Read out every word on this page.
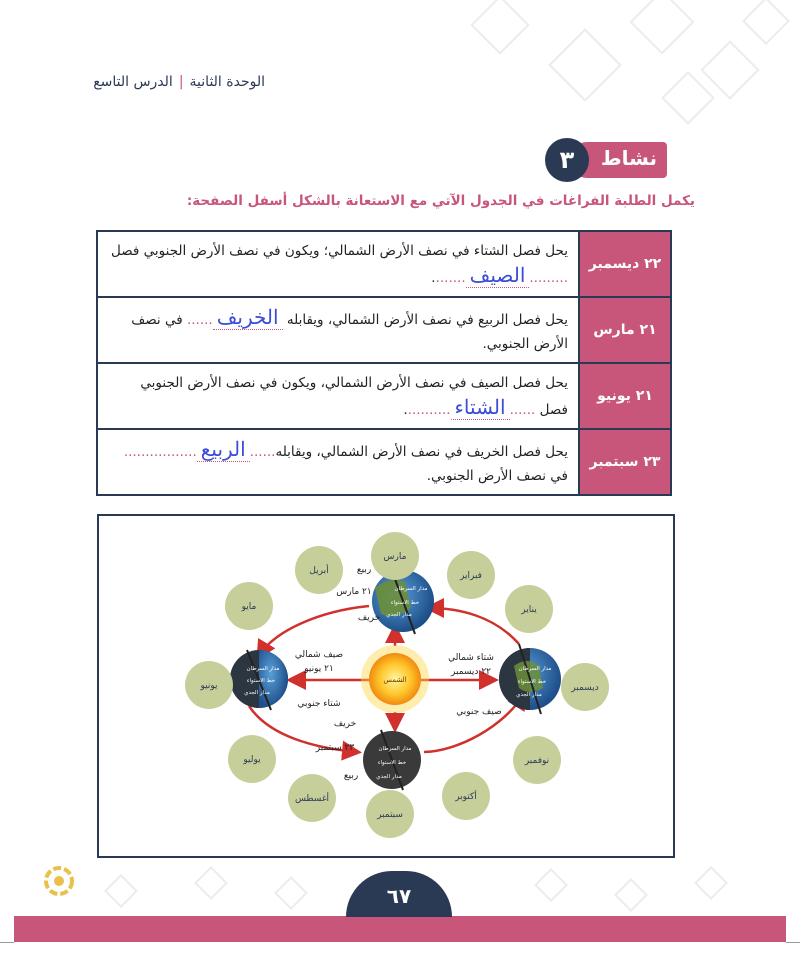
الوحدة الثانية|الدرس التاسع
نشاط
٣
يكمل الطلبة الفراغات في الجدول الآتي مع الاستعانة بالشكل أسفل الصفحة:
٢٢ ديسمبر	يحل فصل الشتاء في نصف الأرض الشمالي؛ ويكون في نصف الأرض الجنوبي فصل .........الصيف........
٢١ مارس	يحل فصل الربيع في نصف الأرض الشمالي، ويقابله الخريف...... في نصف الأرض الجنوبي.
٢١ يونيو	يحل فصل الصيف في نصف الأرض الشمالي، ويكون في نصف الأرض الجنوبي فصل ......الشتاء...........
٢٣ سبتمبر	يحل فصل الخريف في نصف الأرض الشمالي، ويقابله......الربيع................. في نصف الأرض الجنوبي.
الشمس
مدار السرطان
خط الاستواء
مدار الجدي
مدار السرطان
خط الاستواء
مدار الجدي
مدار السرطان
خط الاستواء
مدار الجدي
مدار السرطان
خط الاستواء
مدار الجدي
مارس
فبراير
يناير
ديسمبر
نوفمبر
أكتوبر
سبتمبر
أغسطس
يوليو
يونيو
مايو
أبريل	ربيع
٢١ مارس
خريف
صيف شمالي
٢١ يونيو
شتاء جنوبي
شتاء شمالي
٢٢ ديسمبر
صيف جنوبي
خريف
٢٣ سبتمبر
ربيع
٦٧
